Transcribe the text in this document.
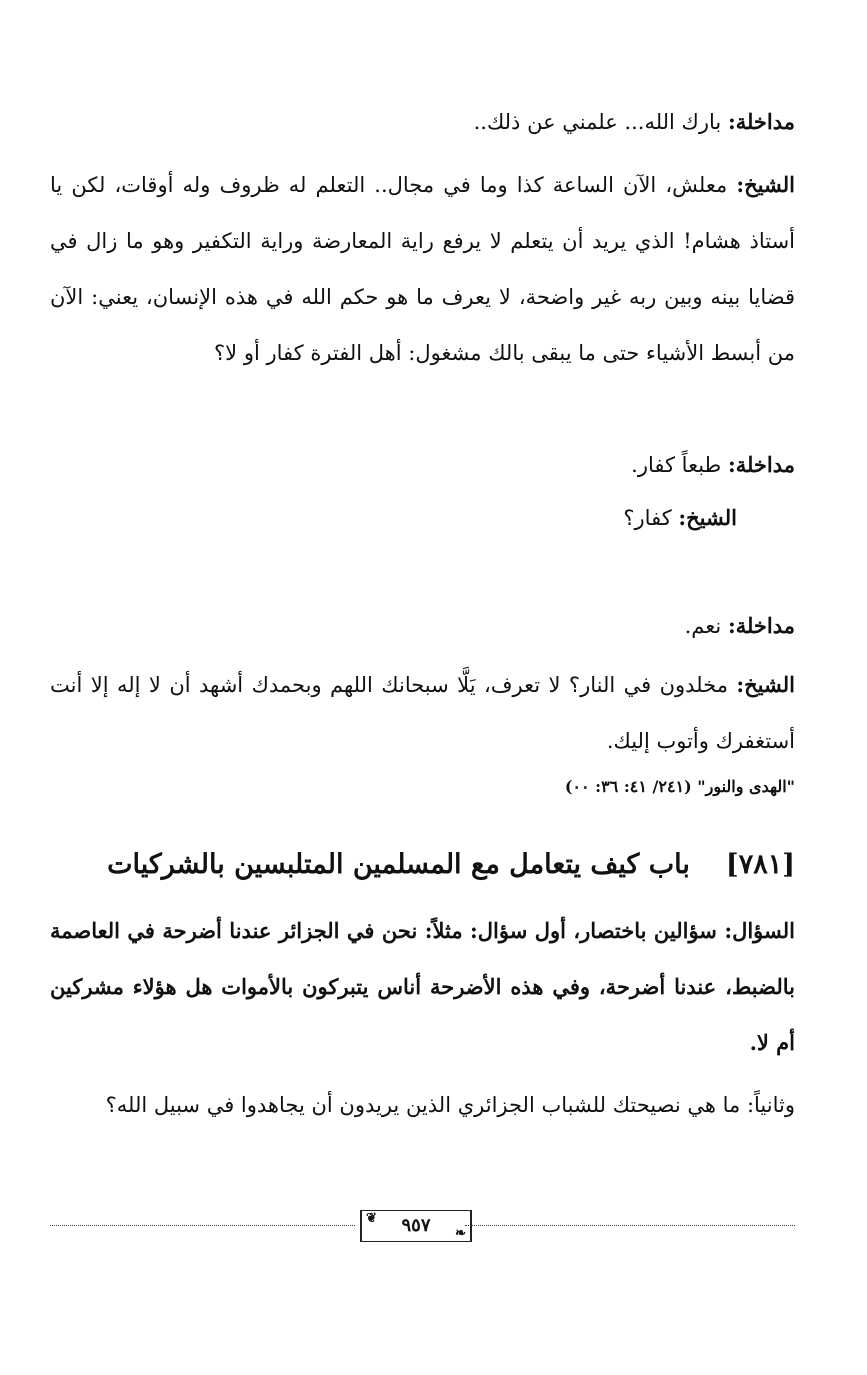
مداخلة: بارك الله... علمني عن ذلك..

الشيخ: معلش، الآن الساعة كذا وما في مجال.. التعلم له ظروف وله أوقات، لكن يا أستاذ هشام! الذي يريد أن يتعلم لا يرفع راية المعارضة وراية التكفير وهو ما زال في قضايا بينه وبين ربه غير واضحة، لا يعرف ما هو حكم الله في هذه الإنسان، يعني: الآن من أبسط الأشياء حتى ما يبقى بالك مشغول: أهل الفترة كفار أو لا؟

مداخلة: طبعاً كفار.

الشيخ: كفار؟

مداخلة: نعم.

الشيخ: مخلدون في النار؟ لا تعرف، يَلَّا سبحانك اللهم وبحمدك أشهد أن لا إله إلا أنت أستغفرك وأتوب إليك.

"الهدى والنور" (٢٤١/ ٤١: ٣٦: ٠٠)

[٧٨١]باب كيف يتعامل مع المسلمين المتلبسين بالشركيات

السؤال: سؤالين باختصار، أول سؤال: مثلاً: نحن في الجزائر عندنا أضرحة في العاصمة بالضبط، عندنا أضرحة، وفي هذه الأضرحة أناس يتبركون بالأموات هل هؤلاء مشركين أم لا.

وثانياً: ما هي نصيحتك للشباب الجزائري الذين يريدون أن يجاهدوا في سبيل الله؟

❦ ٩٥٧ ❧
